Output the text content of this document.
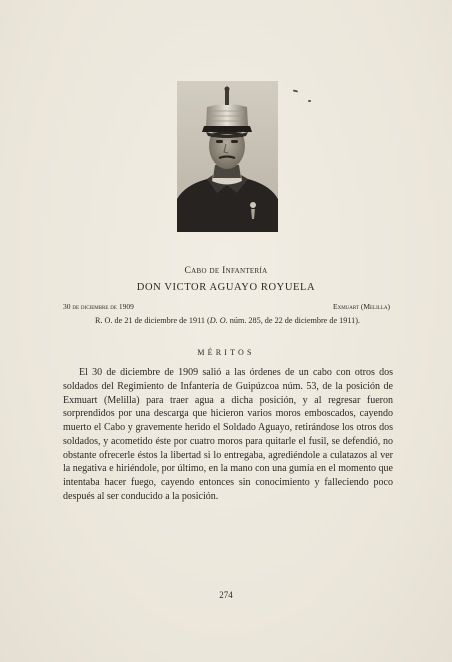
Cabo de Infantería
DON VICTOR AGUAYO ROYUELA
30 de diciembre de 1909	Exmuart (Melilla)
R. O. de 21 de diciembre de 1911 (D. O. núm. 285, de 22 de diciembre de 1911).
MÉRITOS
El 30 de diciembre de 1909 salió a las órdenes de un cabo con otros dos soldados del Regimiento de Infantería de Guipúzcoa núm. 53, de la posición de Exmuart (Melilla) para traer agua a dicha posición, y al regresar fueron sorprendidos por una descarga que hicieron varios moros emboscados, cayendo muerto el Cabo y gravemente herido el Soldado Aguayo, retirándose los otros dos soldados, y acometido éste por cuatro moros para quitarle el fusil, se defendió, no obstante ofrecerle éstos la libertad si lo entregaba, agrediéndole a culatazos al ver la negativa e hiriéndole, por último, en la mano con una gumía en el momento que intentaba hacer fuego, cayendo entonces sin conocimiento y falleciendo poco después al ser conducido a la posición.
274
